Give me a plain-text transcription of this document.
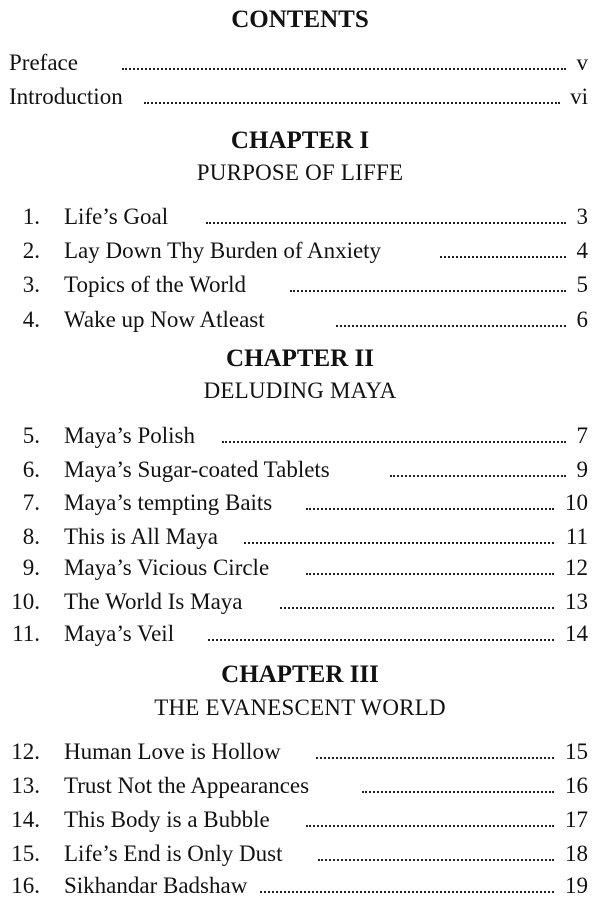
CONTENTS
Preface	v
Introduction	vi
CHAPTER I
PURPOSE OF LIFFE
1. Life’s Goal	3
2. Lay Down Thy Burden of Anxiety	4
3. Topics of the World	5
4. Wake up Now Atleast	6
CHAPTER II
DELUDING MAYA
5. Maya’s Polish	7
6. Maya’s Sugar-coated Tablets	9
7. Maya’s tempting Baits	10
8. This is All Maya	11
9. Maya’s Vicious Circle	12
10. The World Is Maya	13
11. Maya’s Veil	14
CHAPTER III
THE EVANESCENT WORLD
12. Human Love is Hollow	15
13. Trust Not the Appearances	16
14. This Body is a Bubble	17
15. Life’s End is Only Dust	18
16. Sikhandar Badshaw	19
